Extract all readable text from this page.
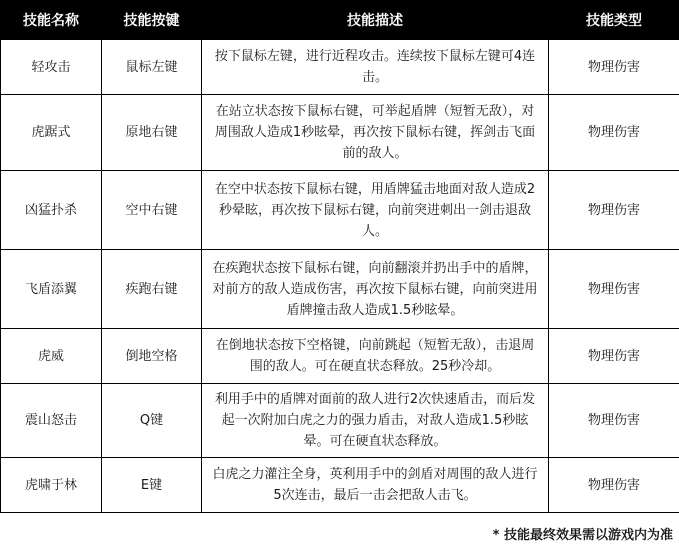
技能名称	技能按键	技能描述	技能类型
轻攻击	鼠标左键	按下鼠标左键，进行近程攻击。连续按下鼠标左键可4连击。	物理伤害
虎踞式	原地右键	在站立状态按下鼠标右键，可举起盾牌（短暂无敌），对周围敌人造成1秒眩晕，再次按下鼠标右键，挥剑击飞面前的敌人。	物理伤害
凶猛扑杀	空中右键	在空中状态按下鼠标右键，用盾牌猛击地面对敌人造成2秒晕眩，再次按下鼠标右键，向前突进刺出一剑击退敌人。	物理伤害
飞盾添翼	疾跑右键	在疾跑状态按下鼠标右键，向前翻滚并扔出手中的盾牌，对前方的敌人造成伤害，再次按下鼠标右键，向前突进用盾牌撞击敌人造成1.5秒眩晕。	物理伤害
虎威	倒地空格	在倒地状态按下空格键，向前跳起（短暂无敌），击退周围的敌人。可在硬直状态释放。25秒冷却。	物理伤害
震山怒击	Q键	利用手中的盾牌对面前的敌人进行2次快速盾击，而后发起一次附加白虎之力的强力盾击，对敌人造成1.5秒眩晕。可在硬直状态释放。	物理伤害
虎啸于林	E键	白虎之力灌注全身，英利用手中的剑盾对周围的敌人进行5次连击，最后一击会把敌人击飞。	物理伤害
* 技能最终效果需以游戏内为准
